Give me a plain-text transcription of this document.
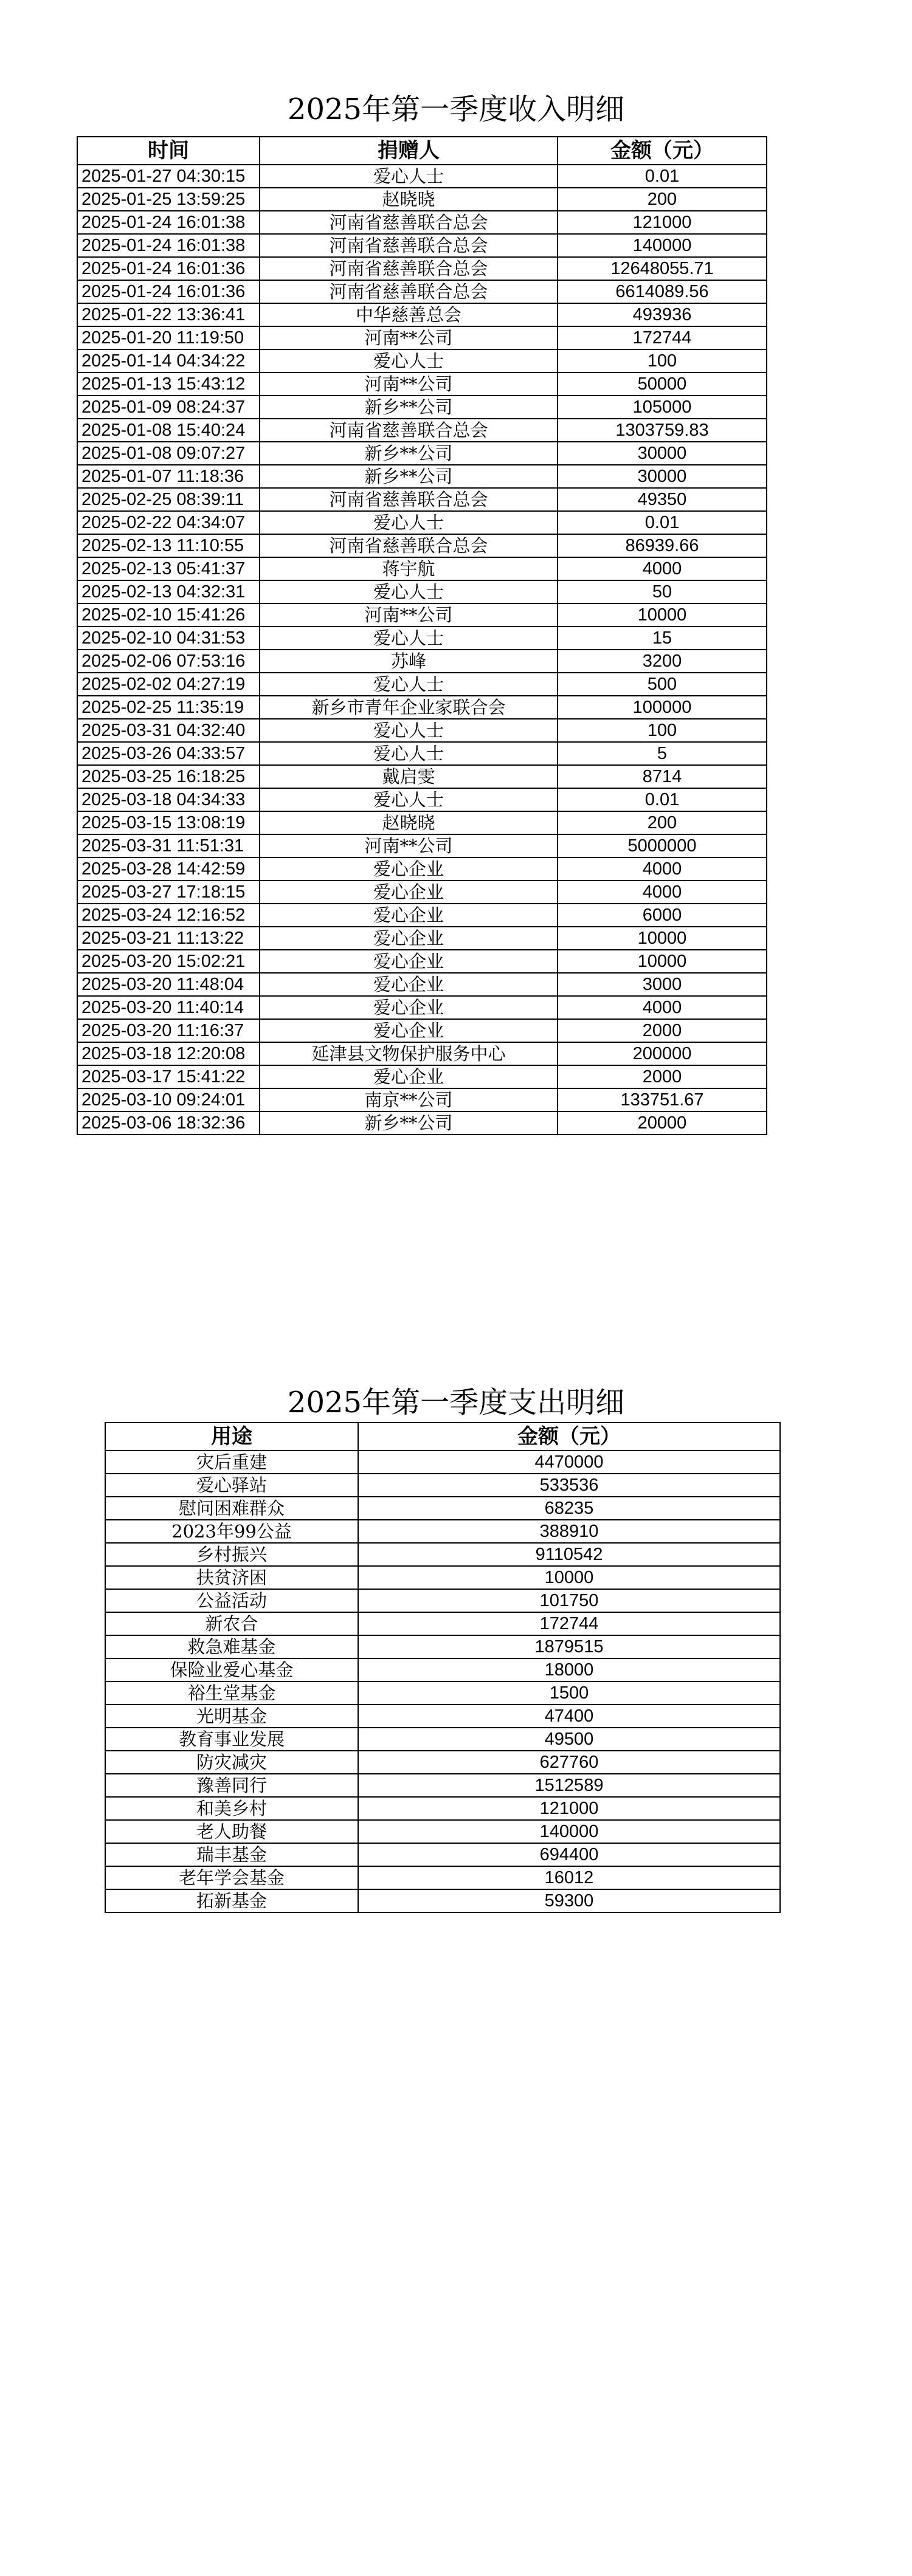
2025年第一季度收入明细
时间	捐赠人	金额（元）
2025-01-27 04:30:15	爱心人士	0.01
2025-01-25 13:59:25	赵晓晓	200
2025-01-24 16:01:38	河南省慈善联合总会	121000
2025-01-24 16:01:38	河南省慈善联合总会	140000
2025-01-24 16:01:36	河南省慈善联合总会	12648055.71
2025-01-24 16:01:36	河南省慈善联合总会	6614089.56
2025-01-22 13:36:41	中华慈善总会	493936
2025-01-20 11:19:50	河南**公司	172744
2025-01-14 04:34:22	爱心人士	100
2025-01-13 15:43:12	河南**公司	50000
2025-01-09 08:24:37	新乡**公司	105000
2025-01-08 15:40:24	河南省慈善联合总会	1303759.83
2025-01-08 09:07:27	新乡**公司	30000
2025-01-07 11:18:36	新乡**公司	30000
2025-02-25 08:39:11	河南省慈善联合总会	49350
2025-02-22 04:34:07	爱心人士	0.01
2025-02-13 11:10:55	河南省慈善联合总会	86939.66
2025-02-13 05:41:37	蒋宇航	4000
2025-02-13 04:32:31	爱心人士	50
2025-02-10 15:41:26	河南**公司	10000
2025-02-10 04:31:53	爱心人士	15
2025-02-06 07:53:16	苏峰	3200
2025-02-02 04:27:19	爱心人士	500
2025-02-25 11:35:19	新乡市青年企业家联合会	100000
2025-03-31 04:32:40	爱心人士	100
2025-03-26 04:33:57	爱心人士	5
2025-03-25 16:18:25	戴启雯	8714
2025-03-18 04:34:33	爱心人士	0.01
2025-03-15 13:08:19	赵晓晓	200
2025-03-31 11:51:31	河南**公司	5000000
2025-03-28 14:42:59	爱心企业	4000
2025-03-27 17:18:15	爱心企业	4000
2025-03-24 12:16:52	爱心企业	6000
2025-03-21 11:13:22	爱心企业	10000
2025-03-20 15:02:21	爱心企业	10000
2025-03-20 11:48:04	爱心企业	3000
2025-03-20 11:40:14	爱心企业	4000
2025-03-20 11:16:37	爱心企业	2000
2025-03-18 12:20:08	延津县文物保护服务中心	200000
2025-03-17 15:41:22	爱心企业	2000
2025-03-10 09:24:01	南京**公司	133751.67
2025-03-06 18:32:36	新乡**公司	20000
2025年第一季度支出明细
用途	金额（元）
灾后重建	4470000
爱心驿站	533536
慰问困难群众	68235
2023年99公益	388910
乡村振兴	9110542
扶贫济困	10000
公益活动	101750
新农合	172744
救急难基金	1879515
保险业爱心基金	18000
裕生堂基金	1500
光明基金	47400
教育事业发展	49500
防灾减灾	627760
豫善同行	1512589
和美乡村	121000
老人助餐	140000
瑞丰基金	694400
老年学会基金	16012
拓新基金	59300
